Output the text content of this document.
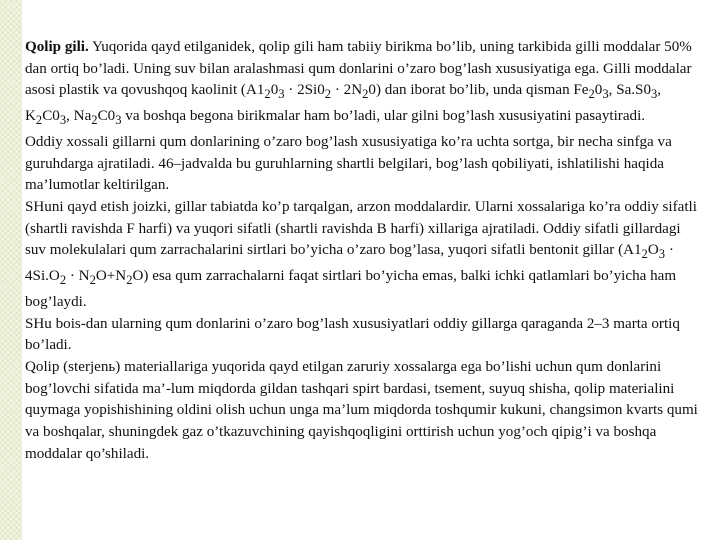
Qolip gili. Yuqorida qayd etilganidek, qolip gili ham tabiiy birikma bo’lib, uning tarkibida gilli moddalar 50% dan ortiq bo’ladi. Uning suv bilan aralashmasi qum donlarini o’zaro bog’lash xususiyatiga ega. Gilli moddalar asosi plastik va qovushqoq kaolinit $(A1_20_3 \cdot 2Si0_2 \cdot 2N_20)$ dan iborat bo’lib, unda qisman $Fe_20_3$, $Sa.S0_3$, $K_2C0_3$, $Na_2C0_3$ va boshqa begona birikmalar ham bo’ladi, ular gilni bog’lash xususiyatini pasaytiradi.

Oddiy xossali gillarni qum donlarining o’zaro bog’lash xususiyatiga ko’ra uchta sortga, bir necha sinfga va guruhdarga ajratiladi. 46–jadvalda bu guruhlarning shartli belgilari, bog’lash qobiliyati, ishlatilishi haqida ma’lumotlar keltirilgan.

SHuni qayd etish joizki, gillar tabiatda ko’p tarqalgan, arzon moddalardir. Ularni xossalariga ko’ra oddiy sifatli (shartli ravishda F harfi) va yuqori sifatli (shartli ravishda B harfi) xillariga ajratiladi. Oddiy sifatli gillardagi suv molekulalari qum zarrachalarini sirtlari bo’yicha o’zaro bog’lasa, yuqori sifatli bentonit gillar $(A1_2O_3 \cdot 4Si.O_2 \cdot N_2O+N_2O)$ esa qum zarrachalarni faqat sirtlari bo’yicha emas, balki ichki qatlamlari bo’yicha ham bog’laydi.

SHu bois-dan ularning qum donlarini o’zaro bog’lash xususiyatlari oddiy gillarga qaraganda 2–3 marta ortiq bo’ladi.

Qolip (sterjenь) materiallariga yuqorida qayd etilgan zaruriy xossalarga ega bo’lishi uchun qum donlarini bog’lovchi sifatida ma’-lum miqdorda gildan tashqari spirt bardasi, tsement, suyuq shisha, qolip materialini quymaga yopishishining oldini olish uchun unga ma’lum miqdorda toshqumir kukuni, changsimon kvarts qumi va boshqalar, shuningdek gaz o’tkazuvchining qayishqoqligini orttirish uchun yog’och qipig’i va boshqa moddalar qo’shiladi.
